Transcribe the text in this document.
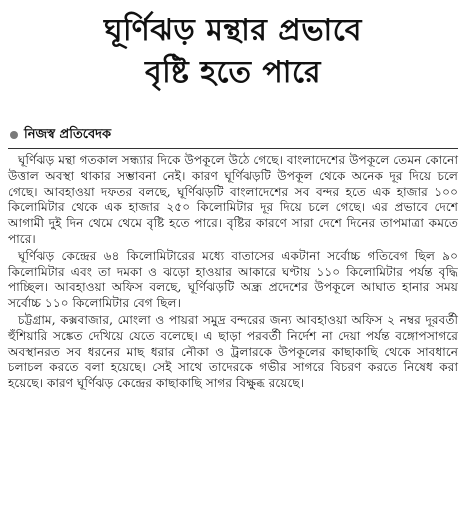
ঘূর্ণিঝড় মন্থার প্রভাবে
বৃষ্টি হতে পারে
নিজস্ব প্রতিবেদক

ঘূর্ণিঝড় মন্থা গতকাল সন্ধ্যার দিকে উপকূলে উঠে গেছে। বাংলাদেশের উপকূলে তেমন কোনো উত্তাল অবস্থা থাকার সম্ভাবনা নেই। কারণ ঘূর্ণিঝড়টি উপকূল থেকে অনেক দূর দিয়ে চলে গেছে। আবহাওয়া দফতর বলছে, ঘূর্ণিঝড়টি বাংলাদেশের সব বন্দর হতে এক হাজার ১০০ কিলোমিটার থেকে এক হাজার ২৫০ কিলোমিটার দূর দিয়ে চলে গেছে। এর প্রভাবে দেশে আগামী দুই দিন থেমে থেমে বৃষ্টি হতে পারে। বৃষ্টির কারণে সারা দেশে দিনের তাপমাত্রা কমতে পারে।

ঘূর্ণিঝড় কেন্দ্রের ৬৪ কিলোমিটারের মধ্যে বাতাসের একটানা সর্বোচ্চ গতিবেগ ছিল ৯০ কিলোমিটার এবং তা দমকা ও ঝড়ো হাওয়ার আকারে ঘণ্টায় ১১০ কিলোমিটার পর্যন্ত বৃদ্ধি পাচ্ছিল। আবহাওয়া অফিস বলছে, ঘূর্ণিঝড়টি অন্ধ্র প্রদেশের উপকূলে আঘাত হানার সময় সর্বোচ্চ ১১০ কিলোমিটার বেগ ছিল।

চট্টগ্রাম, কক্সবাজার, মোংলা ও পায়রা সমুদ্র বন্দরের জন্য আবহাওয়া অফিস ২ নম্বর দূরবর্তী হুঁশিয়ারি সঙ্কেত দেখিয়ে যেতে বলেছে। এ ছাড়া পরবর্তী নির্দেশ না দেয়া পর্যন্ত বঙ্গোপসাগরে অবস্থানরত সব ধরনের মাছ ধরার নৌকা ও ট্রলারকে উপকূলের কাছাকাছি থেকে সাবধানে চলাচল করতে বলা হয়েছে। সেই সাথে তাদেরকে গভীর সাগরে বিচরণ করতে নিষেধ করা হয়েছে। কারণ ঘূর্ণিঝড় কেন্দ্রের কাছাকাছি সাগর বিক্ষুব্ধ রয়েছে।
